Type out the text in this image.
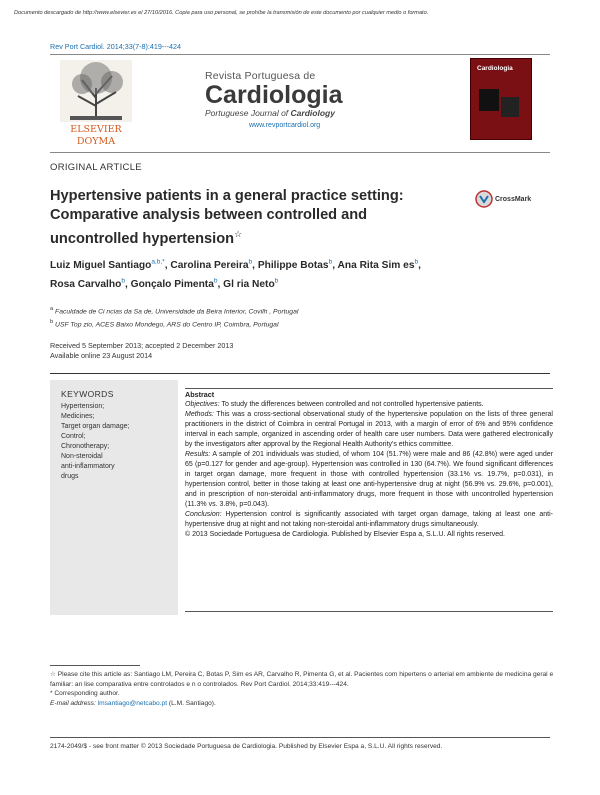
Documento descargado de http://www.elsevier.es el 27/10/2016. Copia para uso personal, se prohíbe la transmisión de este documento por cualquier medio o formato.
Rev Port Cardiol. 2014;33(7-8):419---424
ELSEVIER
DOYMA
Revista Portuguesa de
Cardiologia
Portuguese Journal of Cardiology
www.revportcardiol.org
Cardiologia
ORIGINAL ARTICLE
Hypertensive patients in a general practice setting: Comparative analysis between controlled and uncontrolled hypertension☆
CrossMark
Luiz Miguel Santiago$^{a,b,*}$, Carolina Pereira$^b$, Philippe Botas$^b$, Ana Rita Sim $es^b$,
Rosa Carvalho$^b$, Gonçalo Pimenta$^b$, Gl ria Neto$^b$
$^a$ Faculdade de Ci ncias da Sa de, Universidade da Beira Interior, Covilh , Portugal
$^b$ USF Top zio, ACES Baixo Mondego, ARS do Centro IP, Coimbra, Portugal
Received 5 September 2013; accepted 2 December 2013
Available online 23 August 2014
KEYWORDS
Hypertension;
Medicines;
Target organ damage;
Control;
Chronotherapy;
Non-steroidal
anti-inflammatory
drugs

Abstract

Objectives: To study the differences between controlled and not controlled hypertensive patients.

Methods: This was a cross-sectional observational study of the hypertensive population on the lists of three general practitioners in the district of Coimbra in central Portugal in 2013, with a margin of error of 6% and 95% confidence interval in each sample, organized in ascending order of health care user numbers. Data were gathered electronically by the investigators after approval by the Regional Health Authority's ethics committee.

Results: A sample of 201 individuals was studied, of whom 104 (51.7%) were male and 86 (42.8%) were aged under 65 (p=0.127 for gender and age-group). Hypertension was controlled in 130 (64.7%). We found significant differences in target organ damage, more frequent in those with controlled hypertension (33.1% vs. 19.7%, p=0.031), in hypertension control, better in those taking at least one anti-hypertensive drug at night (56.9% vs. 29.6%, p=0.001), and in prescription of non-steroidal anti-inflammatory drugs, more frequent in those with uncontrolled hypertension (11.3% vs. 3.8%, p=0.043).

Conclusion: Hypertension control is significantly associated with target organ damage, taking at least one anti-hypertensive drug at night and not taking non-steroidal anti-inflammatory drugs simultaneously.

© 2013 Sociedade Portuguesa de Cardiologia. Published by Elsevier Espa a, S.L.U. All rights reserved.

☆ Please cite this article as: Santiago LM, Pereira C, Botas P, Sim es AR, Carvalho R, Pimenta G, et al. Pacientes com hipertens o arterial em ambiente de medicina geral e familiar: an lise comparativa entre controlados e n o controlados. Rev Port Cardiol. 2014;33:419---424.
* Corresponding author.
E-mail address: lmsantiago@netcabo.pt (L.M. Santiago).
2174-2049/$ - see front matter © 2013 Sociedade Portuguesa de Cardiologia. Published by Elsevier Espa a, S.L.U. All rights reserved.
